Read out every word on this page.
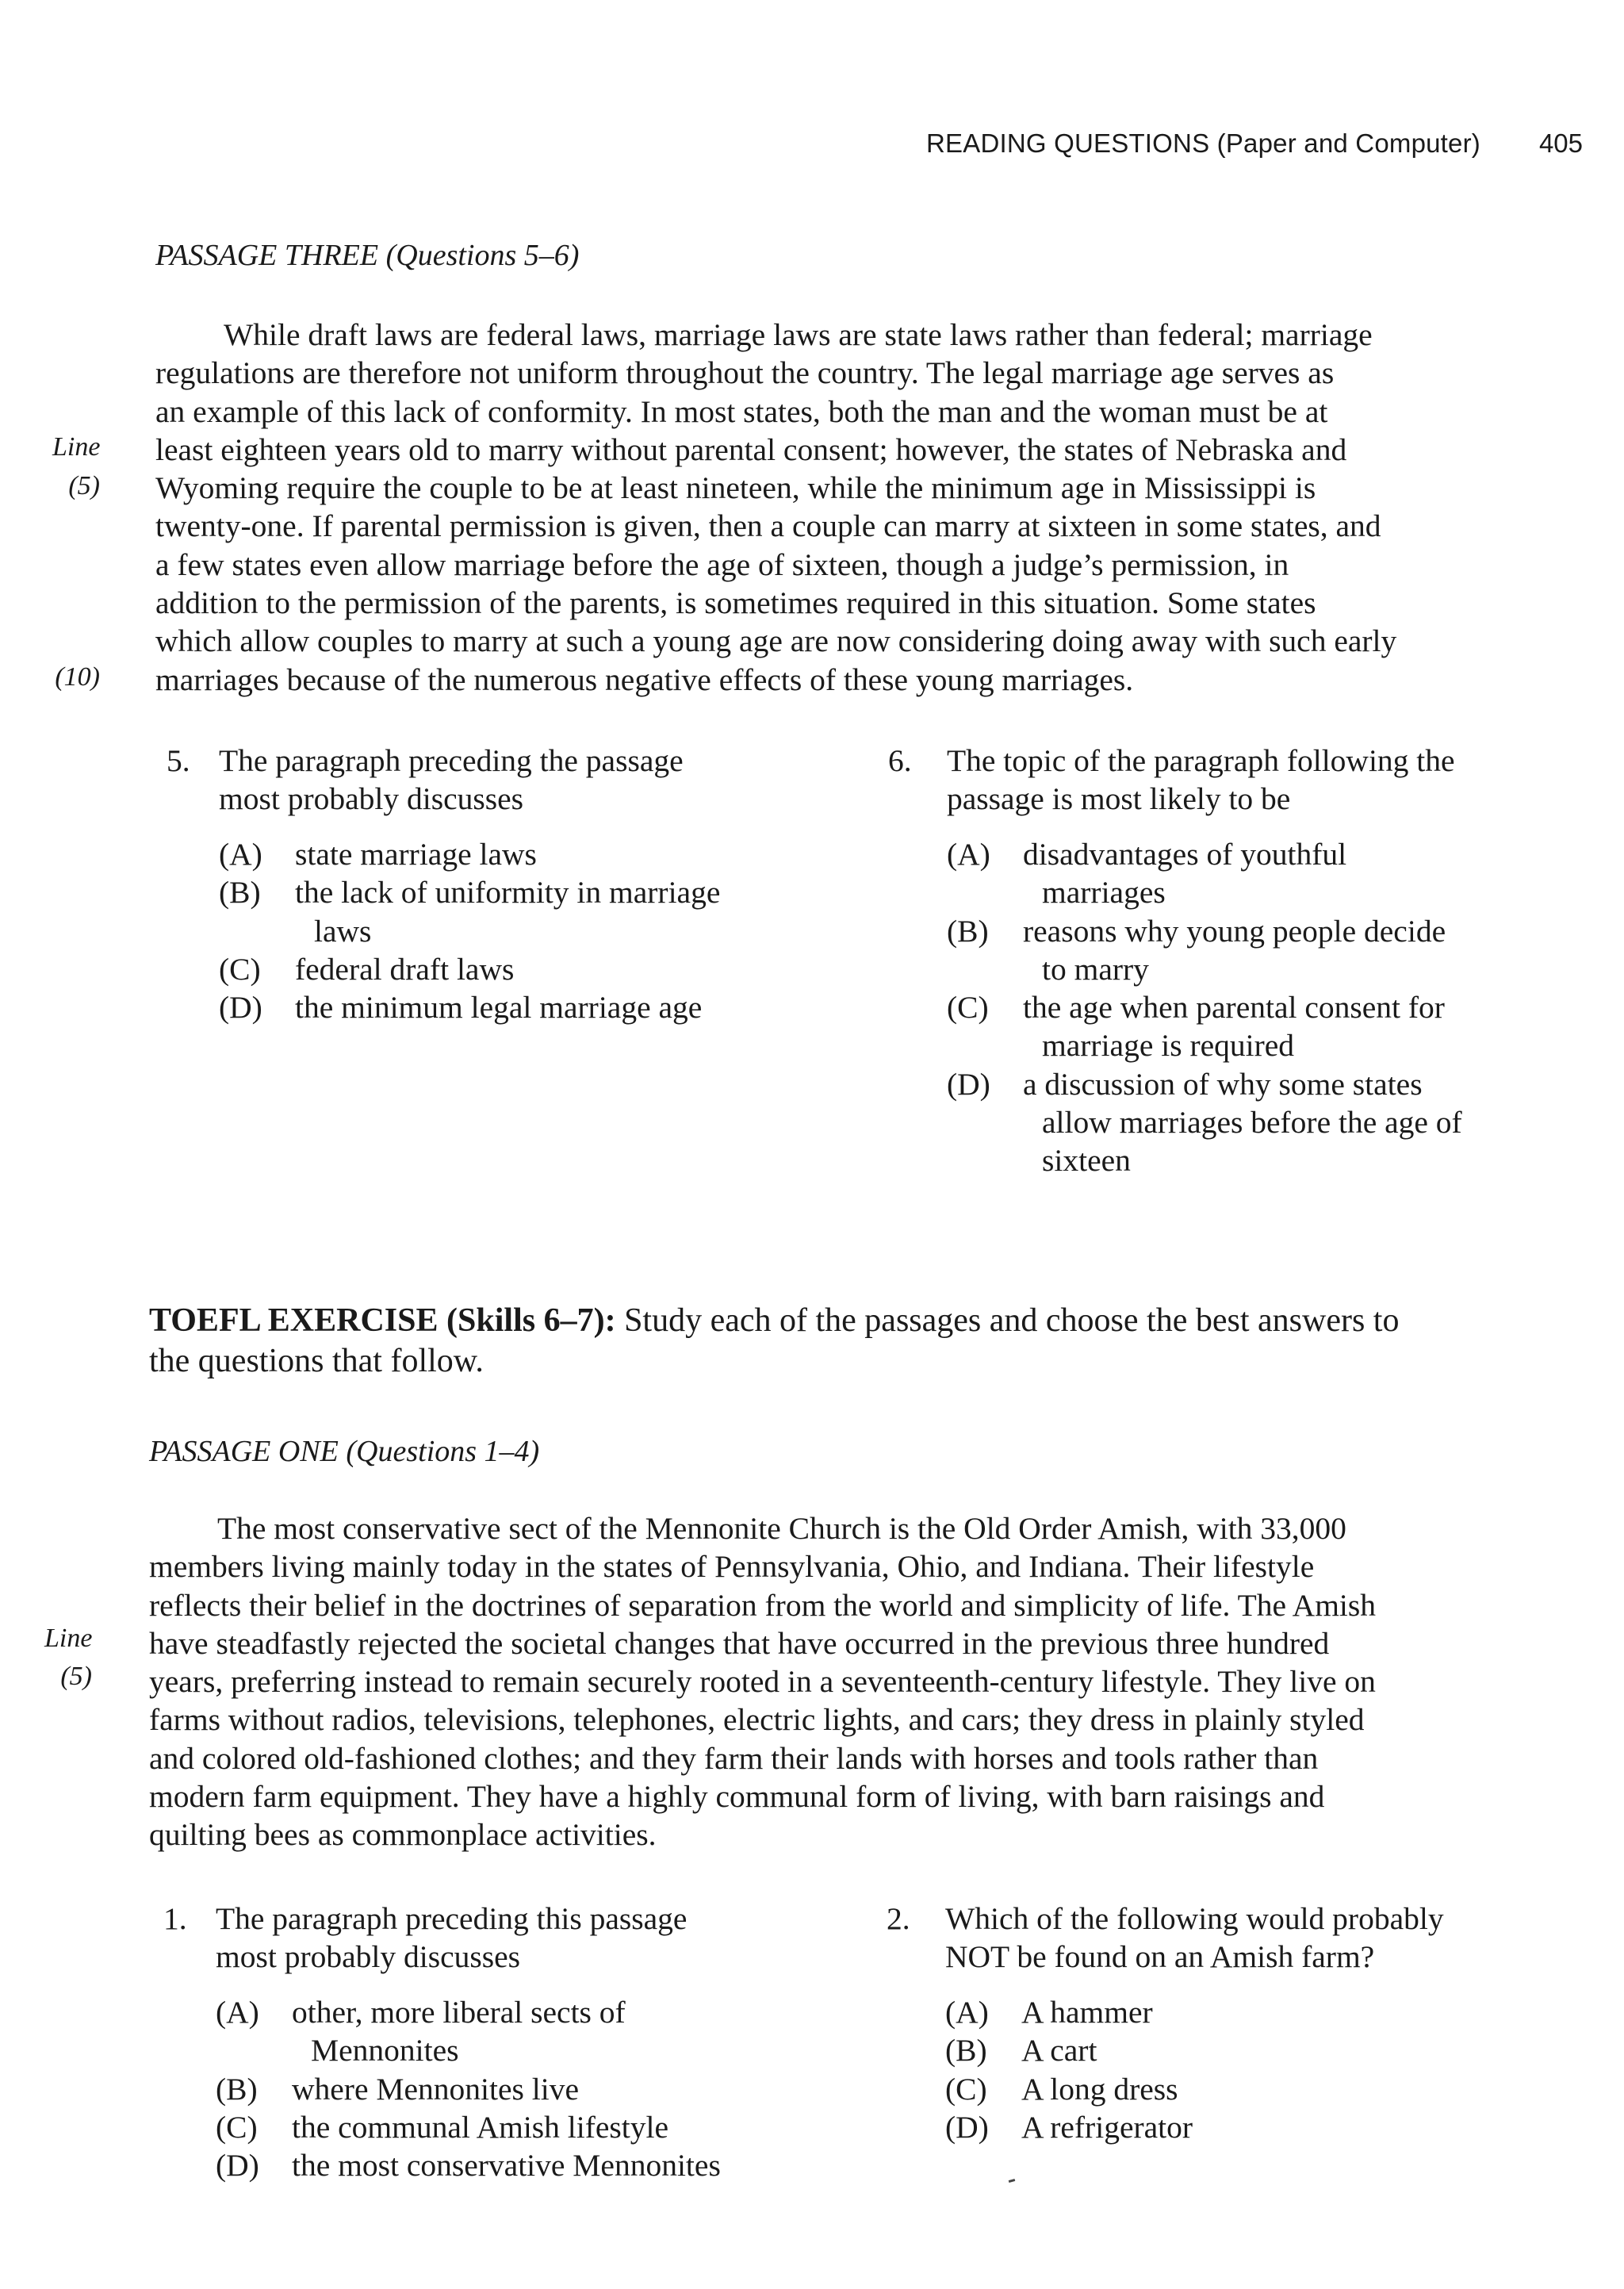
READING QUESTIONS (Paper and Computer) 405
PASSAGE THREE (Questions 5–6)
Line
(5)
(10)
While draft laws are federal laws, marriage laws are state laws rather than federal; marriage
regulations are therefore not uniform throughout the country. The legal marriage age serves as
an example of this lack of conformity. In most states, both the man and the woman must be at
least eighteen years old to marry without parental consent; however, the states of Nebraska and
Wyoming require the couple to be at least nineteen, while the minimum age in Mississippi is
twenty-one. If parental permission is given, then a couple can marry at sixteen in some states, and
a few states even allow marriage before the age of sixteen, though a judge’s permission, in
addition to the permission of the parents, is sometimes required in this situation. Some states
which allow couples to marry at such a young age are now considering doing away with such early
marriages because of the numerous negative effects of these young marriages.
5. The paragraph preceding the passage
most probably discusses
(A) state marriage laws
(B) the lack of uniformity in marriage
laws
(C) federal draft laws
(D) the minimum legal marriage age
6. The topic of the paragraph following the
passage is most likely to be
(A) disadvantages of youthful
marriages
(B) reasons why young people decide
to marry
(C) the age when parental consent for
marriage is required
(D) a discussion of why some states
allow marriages before the age of
sixteen
TOEFL EXERCISE (Skills 6–7): Study each of the passages and choose the best answers to
the questions that follow.
PASSAGE ONE (Questions 1–4)
Line
(5)
The most conservative sect of the Mennonite Church is the Old Order Amish, with 33,000
members living mainly today in the states of Pennsylvania, Ohio, and Indiana. Their lifestyle
reflects their belief in the doctrines of separation from the world and simplicity of life. The Amish
have steadfastly rejected the societal changes that have occurred in the previous three hundred
years, preferring instead to remain securely rooted in a seventeenth-century lifestyle. They live on
farms without radios, televisions, telephones, electric lights, and cars; they dress in plainly styled
and colored old-fashioned clothes; and they farm their lands with horses and tools rather than
modern farm equipment. They have a highly communal form of living, with barn raisings and
quilting bees as commonplace activities.
1. The paragraph preceding this passage
most probably discusses
(A) other, more liberal sects of
Mennonites
(B) where Mennonites live
(C) the communal Amish lifestyle
(D) the most conservative Mennonites
2. Which of the following would probably
NOT be found on an Amish farm?
(A) A hammer
(B) A cart
(C) A long dress
(D) A refrigerator
